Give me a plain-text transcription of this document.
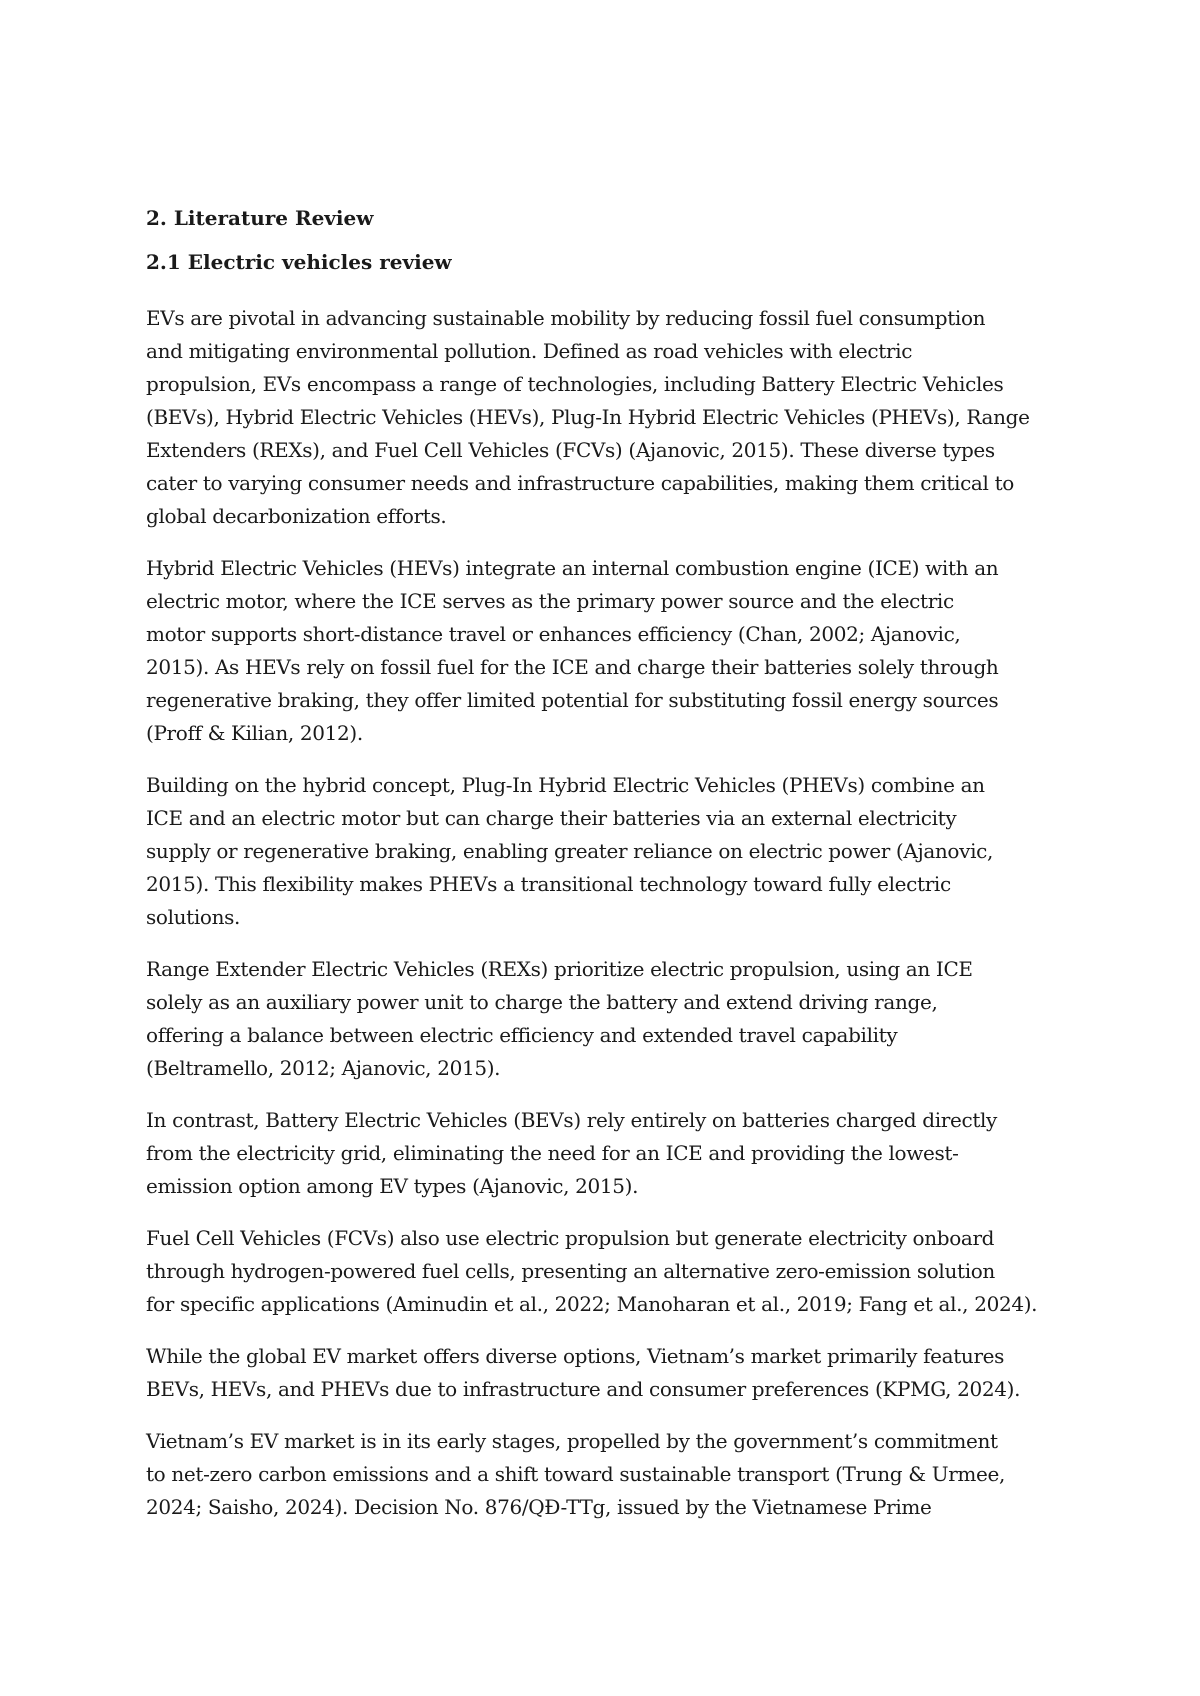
2. Literature Review
2.1 Electric vehicles review

EVs are pivotal in advancing sustainable mobility by reducing fossil fuel consumption
and mitigating environmental pollution. Defined as road vehicles with electric
propulsion, EVs encompass a range of technologies, including Battery Electric Vehicles
(BEVs), Hybrid Electric Vehicles (HEVs), Plug-In Hybrid Electric Vehicles (PHEVs), Range
Extenders (REXs), and Fuel Cell Vehicles (FCVs) (Ajanovic, 2015). These diverse types
cater to varying consumer needs and infrastructure capabilities, making them critical to
global decarbonization efforts.

Hybrid Electric Vehicles (HEVs) integrate an internal combustion engine (ICE) with an
electric motor, where the ICE serves as the primary power source and the electric
motor supports short-distance travel or enhances efficiency (Chan, 2002; Ajanovic,
2015). As HEVs rely on fossil fuel for the ICE and charge their batteries solely through
regenerative braking, they offer limited potential for substituting fossil energy sources
(Proff & Kilian, 2012).

Building on the hybrid concept, Plug-In Hybrid Electric Vehicles (PHEVs) combine an
ICE and an electric motor but can charge their batteries via an external electricity
supply or regenerative braking, enabling greater reliance on electric power (Ajanovic,
2015). This flexibility makes PHEVs a transitional technology toward fully electric
solutions.

Range Extender Electric Vehicles (REXs) prioritize electric propulsion, using an ICE
solely as an auxiliary power unit to charge the battery and extend driving range,
offering a balance between electric efficiency and extended travel capability
(Beltramello, 2012; Ajanovic, 2015).

In contrast, Battery Electric Vehicles (BEVs) rely entirely on batteries charged directly
from the electricity grid, eliminating the need for an ICE and providing the lowest-
emission option among EV types (Ajanovic, 2015).

Fuel Cell Vehicles (FCVs) also use electric propulsion but generate electricity onboard
through hydrogen-powered fuel cells, presenting an alternative zero-emission solution
for specific applications (Aminudin et al., 2022; Manoharan et al., 2019; Fang et al., 2024).

While the global EV market offers diverse options, Vietnam’s market primarily features
BEVs, HEVs, and PHEVs due to infrastructure and consumer preferences (KPMG, 2024).

Vietnam’s EV market is in its early stages, propelled by the government’s commitment
to net-zero carbon emissions and a shift toward sustainable transport (Trung & Urmee,
2024; Saisho, 2024). Decision No. 876/QĐ-TTg, issued by the Vietnamese Prime
